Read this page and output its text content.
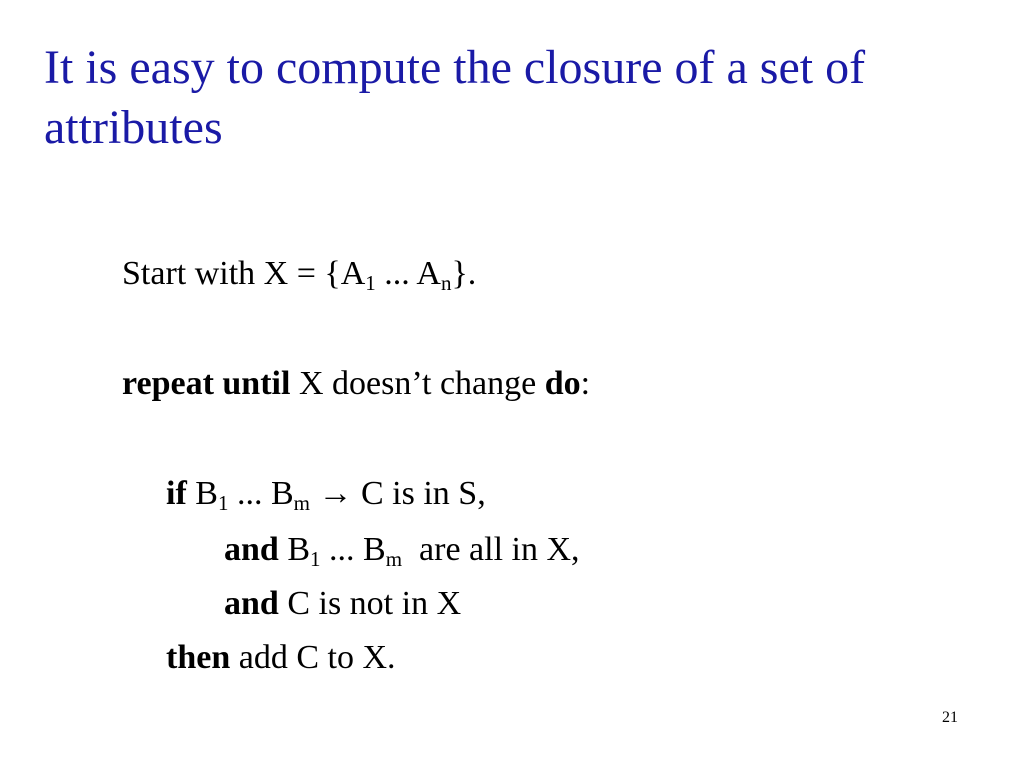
It is easy to compute the closure of a set of attributes
Start with $X = \{A_1$ ... $A_n$}.
repeat until X doesn’t change do:
if $B_1$ ... $B_m \to C$ is in S,
and $B_1$ ... $B_m$  are all in X,
and C is not in X
then add C to X.
21
